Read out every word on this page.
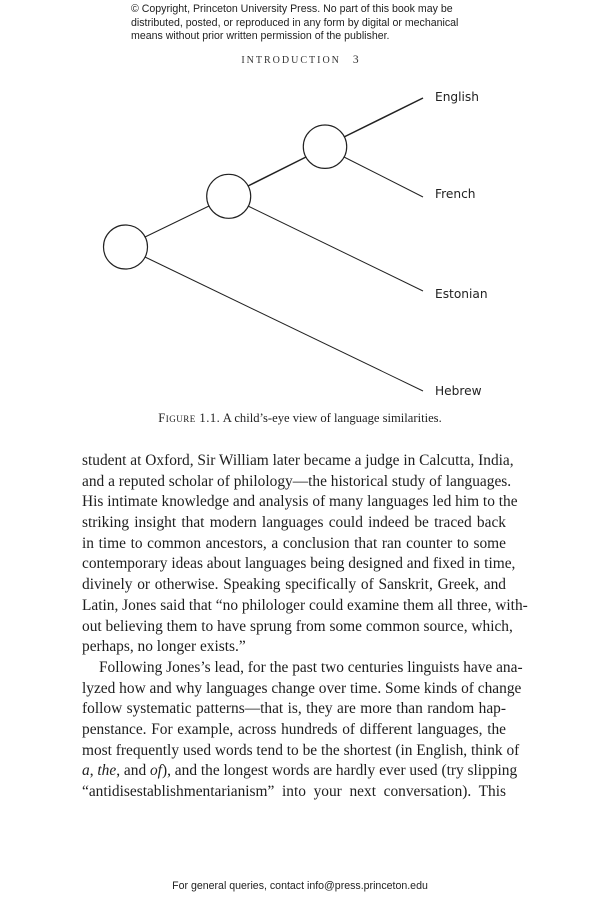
© Copyright, Princeton University Press. No part of this book may be
distributed, posted, or reproduced in any form by digital or mechanical
means without prior written permission of the publisher.
INTRODUCTION 3
English
French
Estonian
Hebrew
Figure 1.1. A child’s-eye view of language similarities.
student at Oxford, Sir William later became a judge in Calcutta, India,
and a reputed scholar of philology—the historical study of languages.
His intimate knowledge and analysis of many languages led him to the
striking insight that modern languages could indeed be traced back
in time to common ancestors, a conclusion that ran counter to some
contemporary ideas about languages being designed and fixed in time,
divinely or otherwise. Speaking specifically of Sanskrit, Greek, and
Latin, Jones said that “no philologer could examine them all three, with-
out believing them to have sprung from some common source, which,
perhaps, no longer exists.”
Following Jones’s lead, for the past two centuries linguists have ana-
lyzed how and why languages change over time. Some kinds of change
follow systematic patterns—that is, they are more than random hap-
penstance. For example, across hundreds of different languages, the
most frequently used words tend to be the shortest (in English, think of
a, the, and of), and the longest words are hardly ever used (try slipping
“antidisestablishmentarianism” into your next conversation). This
For general queries, contact info@press.princeton.edu
